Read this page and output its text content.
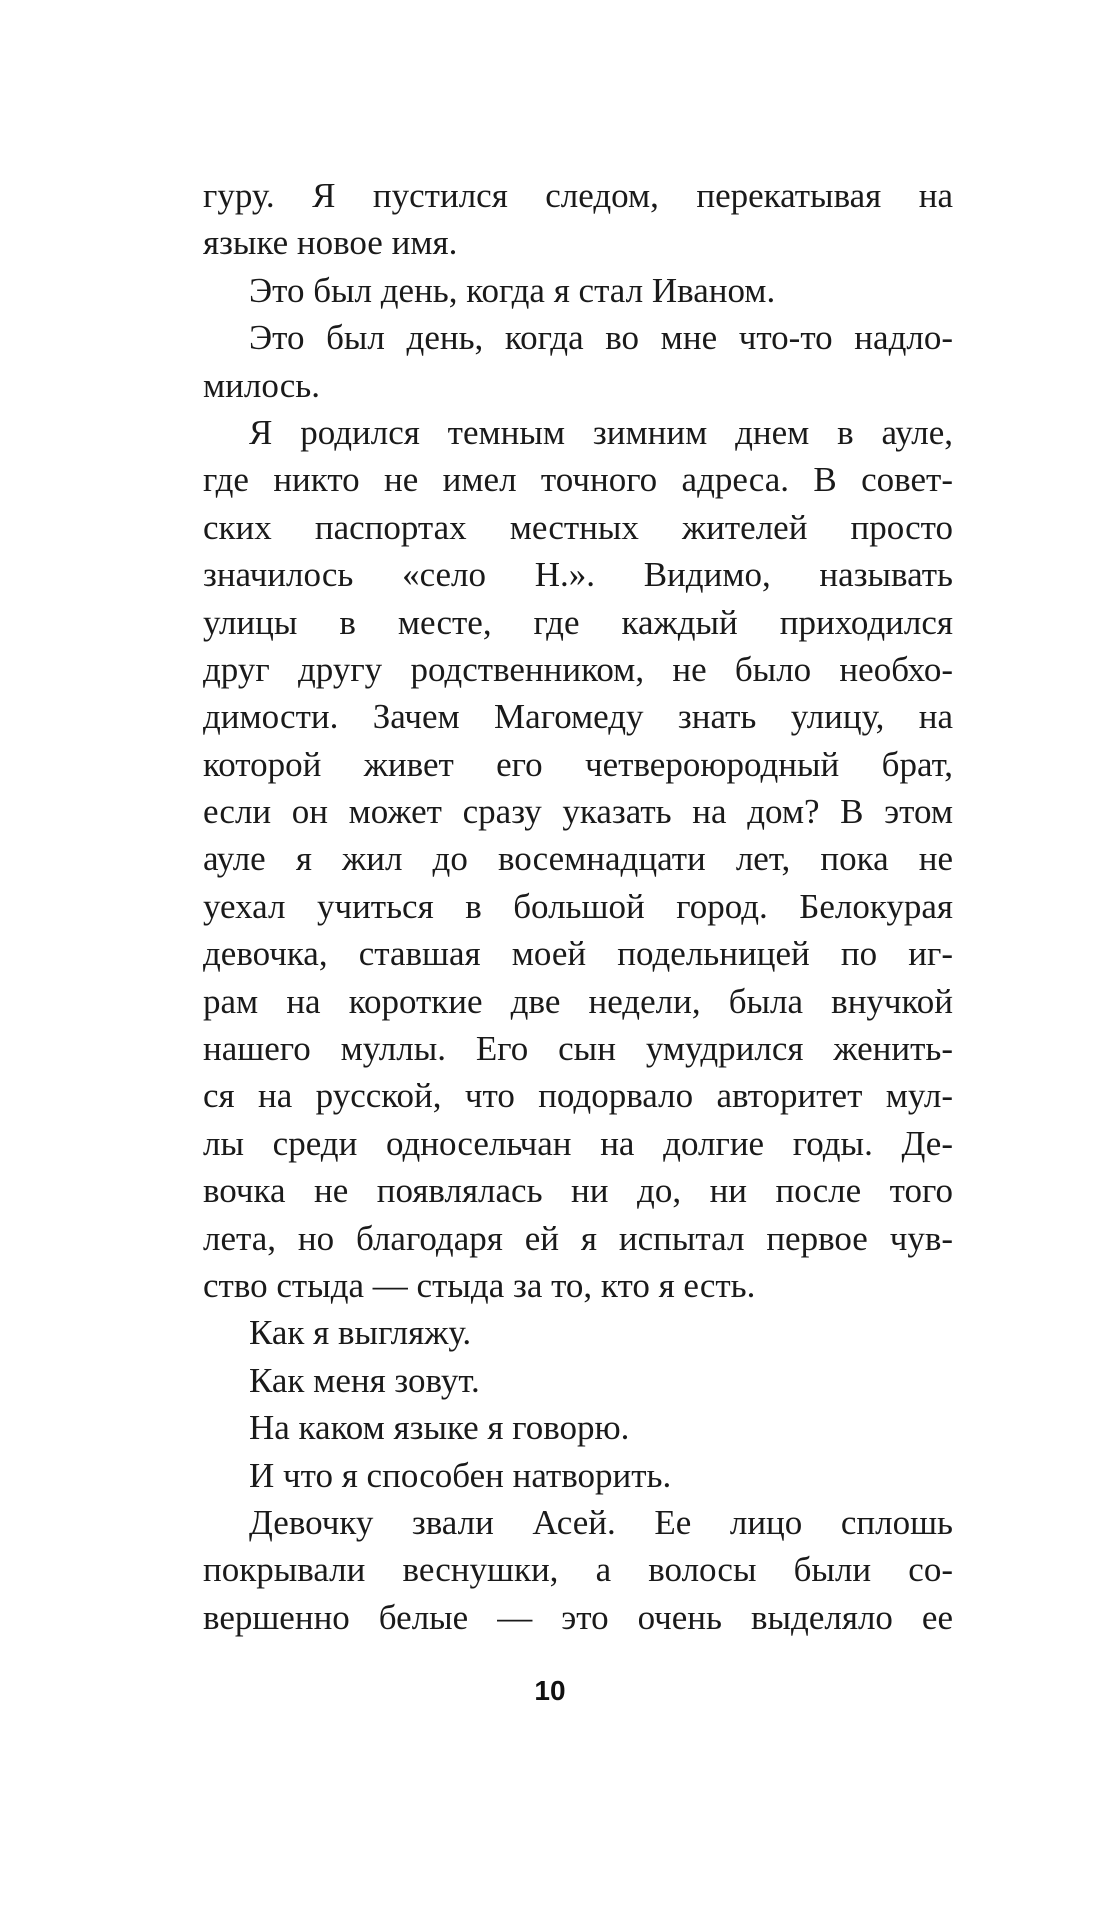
гуру. Я пустился следом, перекатывая на
языке новое имя.
Это был день, когда я стал Иваном.
Это был день, когда во мне что-то надло-
милось.
Я родился темным зимним днем в ауле,
где никто не имел точного адреса. В совет-
ских паспортах местных жителей просто
значилось «село Н.». Видимо, называть
улицы в месте, где каждый приходился
друг другу родственником, не было необхо-
димости. Зачем Магомеду знать улицу, на
которой живет его четвероюродный брат,
если он может сразу указать на дом? В этом
ауле я жил до восемнадцати лет, пока не
уехал учиться в большой город. Белокурая
девочка, ставшая моей подельницей по иг-
рам на короткие две недели, была внучкой
нашего муллы. Его сын умудрился женить-
ся на русской, что подорвало авторитет мул-
лы среди односельчан на долгие годы. Де-
вочка не появлялась ни до, ни после того
лета, но благодаря ей я испытал первое чув-
ство стыда — стыда за то, кто я есть.
Как я выгляжу.
Как меня зовут.
На каком языке я говорю.
И что я способен натворить.
Девочку звали Асей. Ее лицо сплошь
покрывали веснушки, а волосы были со-
вершенно белые — это очень выделяло ее
10
